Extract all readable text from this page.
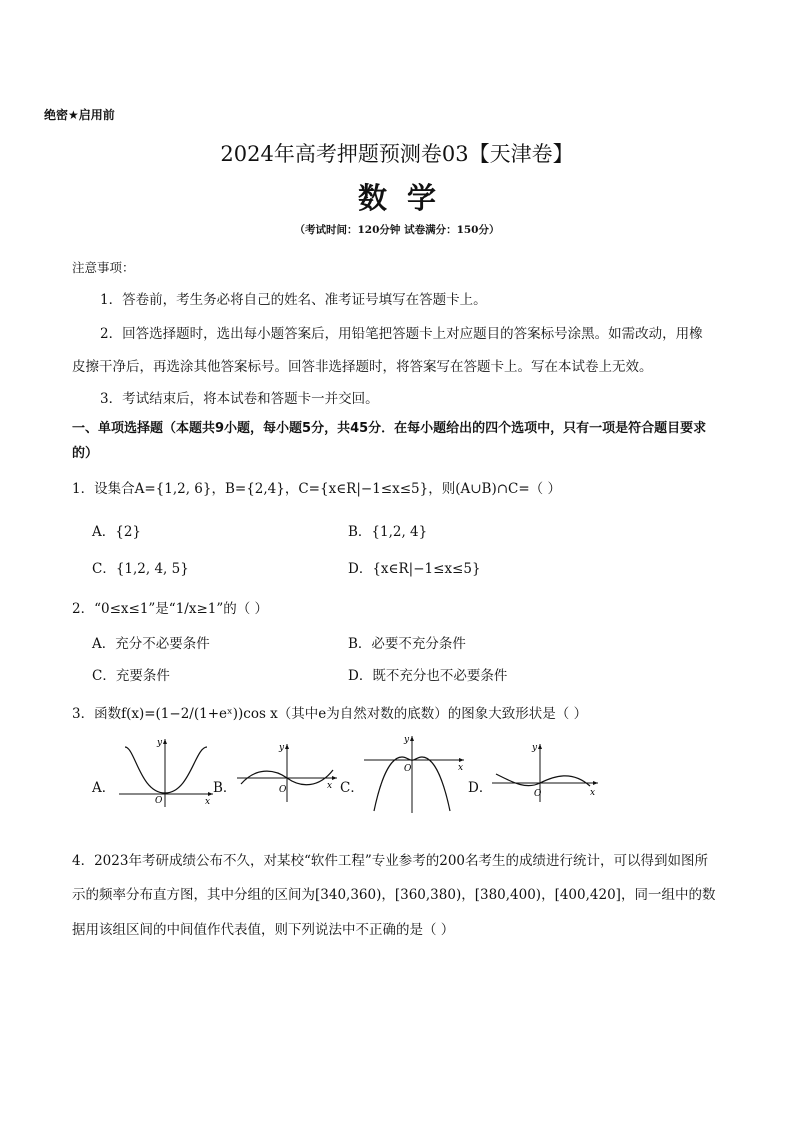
绝密★启用前
2024年高考押题预测卷03【天津卷】
数学
（考试时间：120分钟 试卷满分：150分）
注意事项：
1．答卷前，考生务必将自己的姓名、准考证号填写在答题卡上。
2．回答选择题时，选出每小题答案后，用铅笔把答题卡上对应题目的答案标号涂黑。如需改动，用橡
皮擦干净后，再选涂其他答案标号。回答非选择题时，将答案写在答题卡上。写在本试卷上无效。
3．考试结束后，将本试卷和答题卡一并交回。
一、单项选择题（本题共9小题，每小题5分，共45分．在每小题给出的四个选项中，只有一项是符合题目要求的）
1．设集合A={1,2, 6}，B={2,4}，C={x∈R|−1≤x≤5}，则(A∪B)∩C=（ ）
A．{2}	B．{1,2, 4}
C．{1,2, 4, 5}	D．{x∈R|−1≤x≤5}
2．“0≤x≤1”是“1/x≥1”的（ ）
A．充分不必要条件	B．必要不充分条件
C．充要条件	D．既不充分也不必要条件
3．函数f(x)=(1−2/(1+eˣ))cos x（其中e为自然对数的底数）的图象大致形状是（ ）
A．	B．	C．	D．
y
x
O
y
x
O
y
x
O
y
x
O
4．2023年考研成绩公布不久，对某校“软件工程”专业参考的200名考生的成绩进行统计，可以得到如图所
示的频率分布直方图，其中分组的区间为[340,360)，[360,380)，[380,400)，[400,420]，同一组中的数
据用该组区间的中间值作代表值，则下列说法中不正确的是（ ）
